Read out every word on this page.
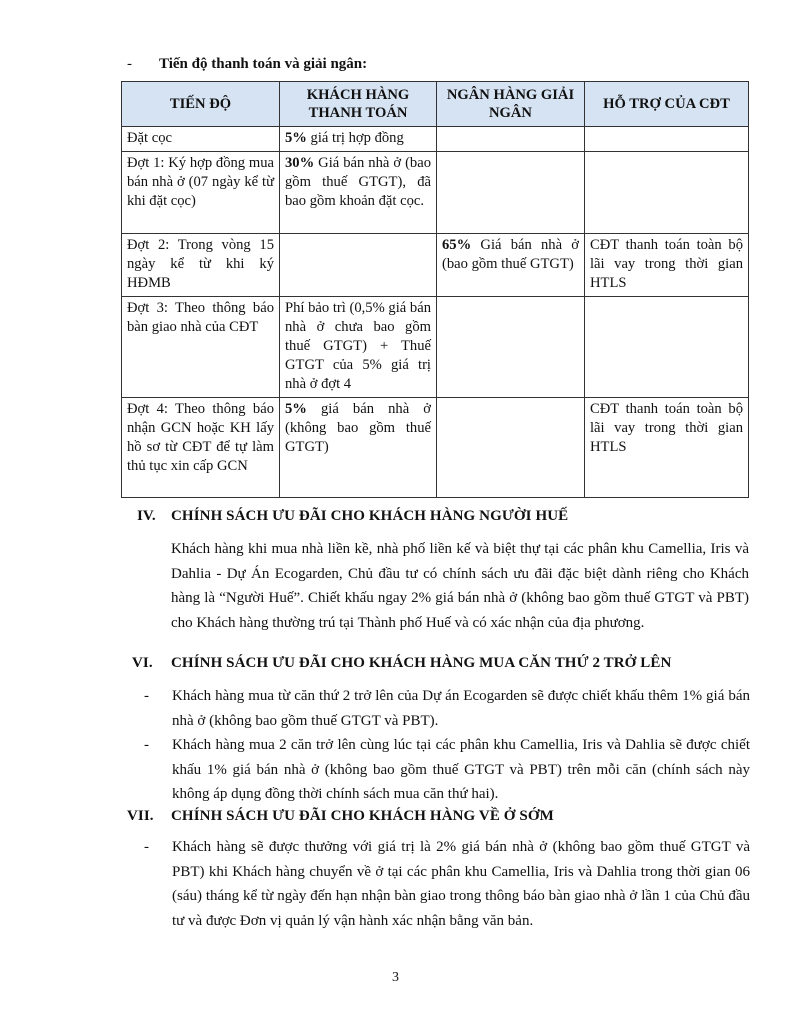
- Tiến độ thanh toán và giải ngân:
TIẾN ĐỘ	KHÁCH HÀNG THANH TOÁN	NGÂN HÀNG GIẢI NGÂN	HỖ TRỢ CỦA CĐT
Đặt cọc	5% giá trị hợp đồng		
Đợt 1: Ký hợp đồng mua bán nhà ở (07 ngày kể từ khi đặt cọc)	30% Giá bán nhà ở (bao gồm thuế GTGT), đã bao gồm khoản đặt cọc.		
Đợt 2: Trong vòng 15 ngày kể từ khi ký HĐMB		65% Giá bán nhà ở (bao gồm thuế GTGT)	CĐT thanh toán toàn bộ lãi vay trong thời gian HTLS
Đợt 3: Theo thông báo bàn giao nhà của CĐT	Phí bảo trì (0,5% giá bán nhà ở chưa bao gồm thuế GTGT) + Thuế GTGT của 5% giá trị nhà ở đợt 4		
Đợt 4: Theo thông báo nhận GCN hoặc KH lấy hồ sơ từ CĐT để tự làm thủ tục xin cấp GCN	5% giá bán nhà ở (không bao gồm thuế GTGT)		CĐT thanh toán toàn bộ lãi vay trong thời gian HTLS
IV. CHÍNH SÁCH ƯU ĐÃI CHO KHÁCH HÀNG NGƯỜI HUẾ
Khách hàng khi mua nhà liền kề, nhà phố liền kế và biệt thự tại các phân khu Camellia, Iris và Dahlia - Dự Án Ecogarden, Chủ đầu tư có chính sách ưu đãi đặc biệt dành riêng cho Khách hàng là “Người Huế”. Chiết khấu ngay 2% giá bán nhà ở (không bao gồm thuế GTGT và PBT) cho Khách hàng thường trú tại Thành phố Huế và có xác nhận của địa phương.
VI. CHÍNH SÁCH ƯU ĐÃI CHO KHÁCH HÀNG MUA CĂN THỨ 2 TRỞ LÊN
- Khách hàng mua từ căn thứ 2 trở lên của Dự án Ecogarden sẽ được chiết khấu thêm 1% giá bán nhà ở (không bao gồm thuế GTGT và PBT).
- Khách hàng mua 2 căn trở lên cùng lúc tại các phân khu Camellia, Iris và Dahlia sẽ được chiết khấu 1% giá bán nhà ở (không bao gồm thuế GTGT và PBT) trên mỗi căn (chính sách này không áp dụng đồng thời chính sách mua căn thứ hai).
VII. CHÍNH SÁCH ƯU ĐÃI CHO KHÁCH HÀNG VỀ Ở SỚM
- Khách hàng sẽ được thưởng với giá trị là 2% giá bán nhà ở (không bao gồm thuế GTGT và PBT) khi Khách hàng chuyển về ở tại các phân khu Camellia, Iris và Dahlia trong thời gian 06 (sáu) tháng kể từ ngày đến hạn nhận bàn giao trong thông báo bàn giao nhà ở lần 1 của Chủ đầu tư và được Đơn vị quản lý vận hành xác nhận bằng văn bản.
3
